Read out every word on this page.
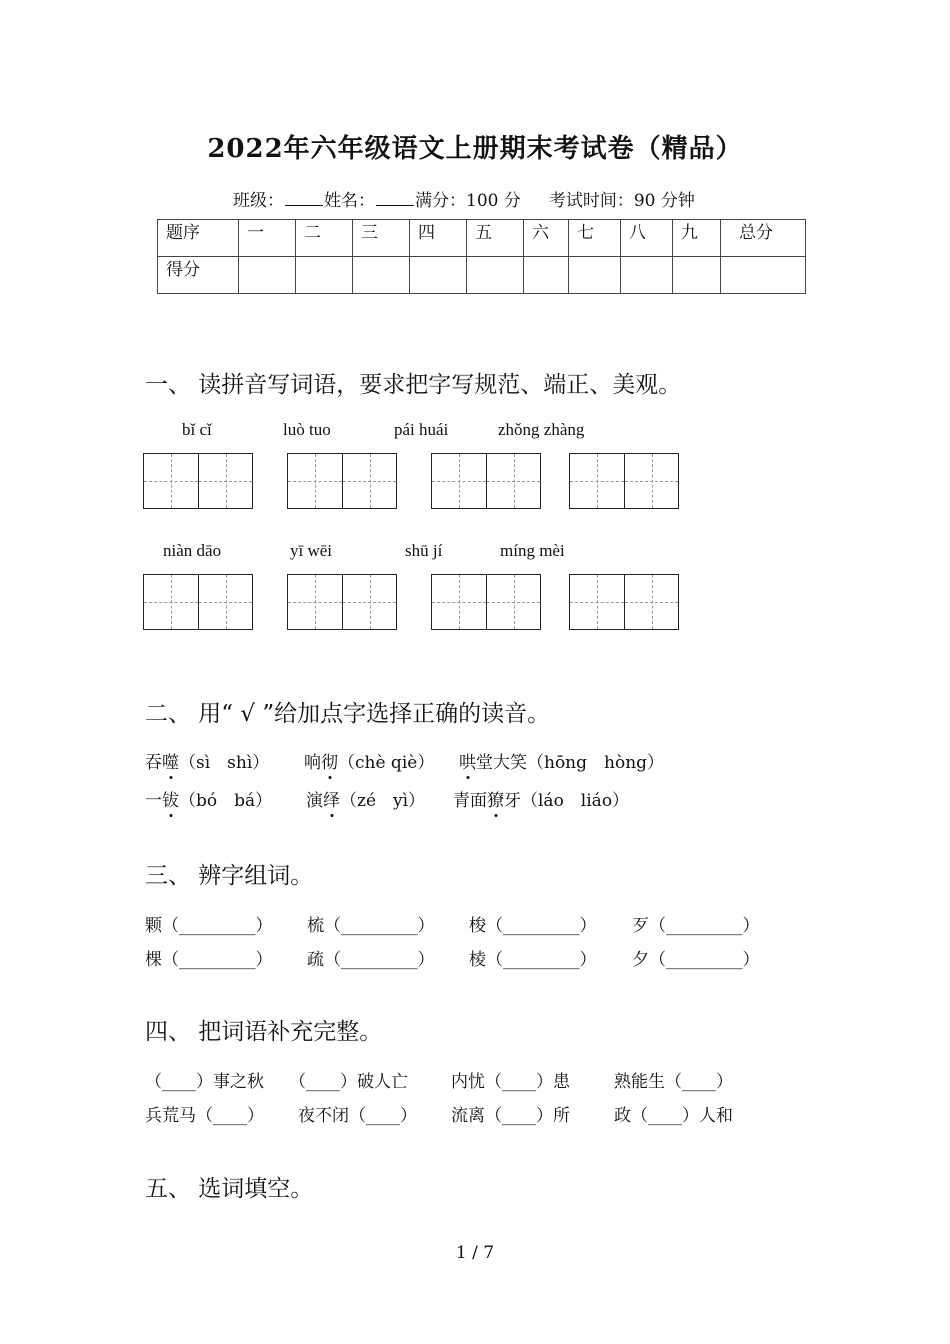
2022年六年级语文上册期末考试卷（精品）
班级： 姓名： 满分：100 分 考试时间：90 分钟
题序	一	二	三	四	五	六	七	八	九	总分
得分										
一、 读拼音写词语，要求把字写规范、端正、美观。
bǐ cǐ	luò tuo	pái huái	zhǒng zhàng
niàn dāo	yī wēi	shū jí	míng mèi
二、 用“ √ ”给加点字选择正确的读音。
吞噬（sì　shì） 响彻（chè qiè） 哄堂大笑（hōng　hòng）
一钹（bó　bá） 演绎（zé　yì） 青面獠牙（láo　liáo）
三、 辨字组词。
颗（_________） 梳（_________） 梭（_________） 歹（_________）
棵（_________） 疏（_________） 棱（_________） 夕（_________）
四、 把词语补充完整。
（____）事之秋 （____）破人亡	内忧（____）患	熟能生（____）
兵荒马（____） 夜不闭（____） 流离（____）所	政（____）人和
五、 选词填空。
1 / 7
